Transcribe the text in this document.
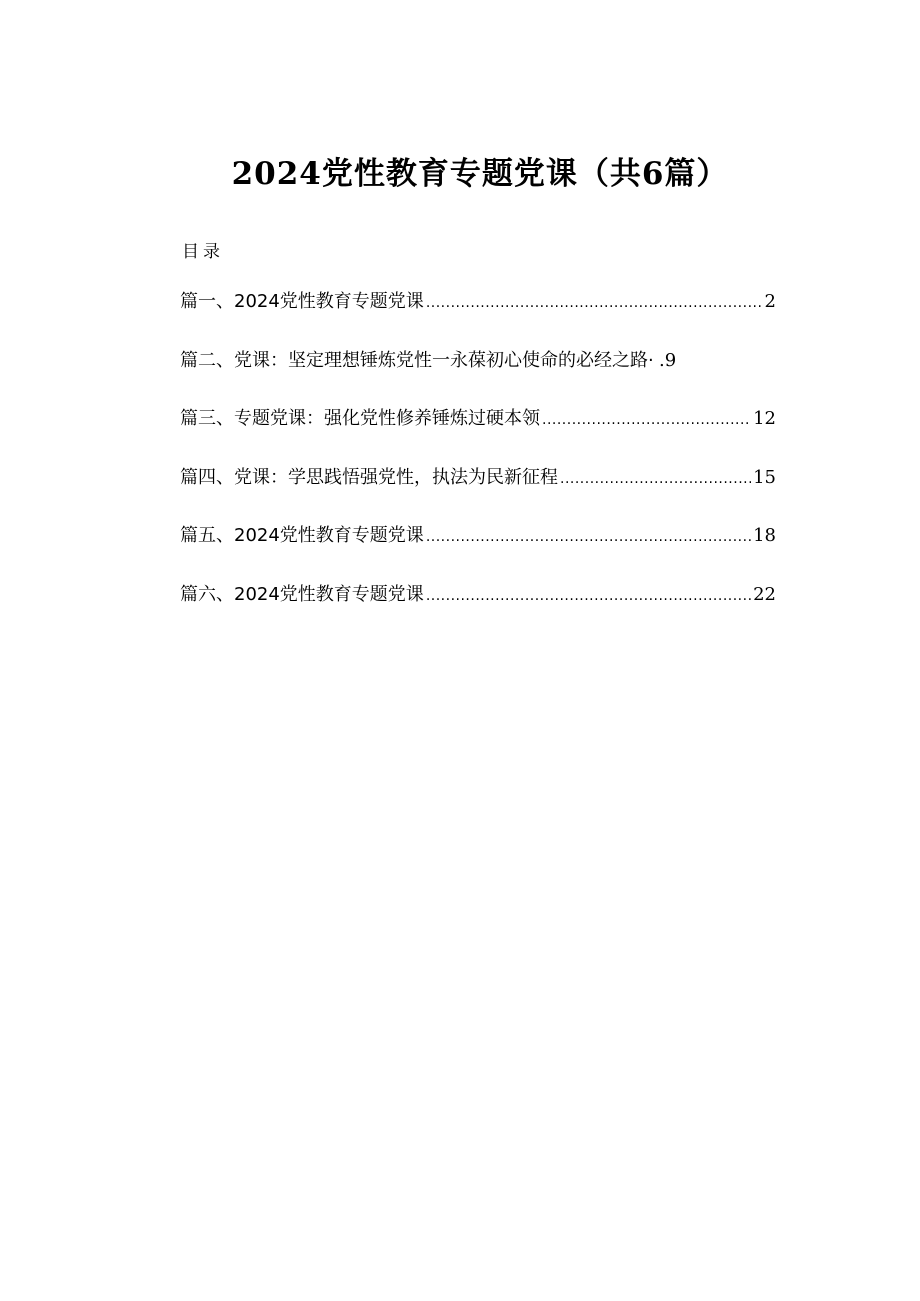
2024党性教育专题党课（共6篇）
目录
篇一、2024党性教育专题党课 .....	2
篇二、党课：坚定理想锤炼党性一永葆初心使命的必经之路 · .9
篇三、专题党课：强化党性修养锤炼过硬本领 .....	12
篇四、党课：学思践悟强党性，执法为民新征程 .....	15
篇五、2024党性教育专题党课 .....	18
篇六、2024党性教育专题党课 .....	22
